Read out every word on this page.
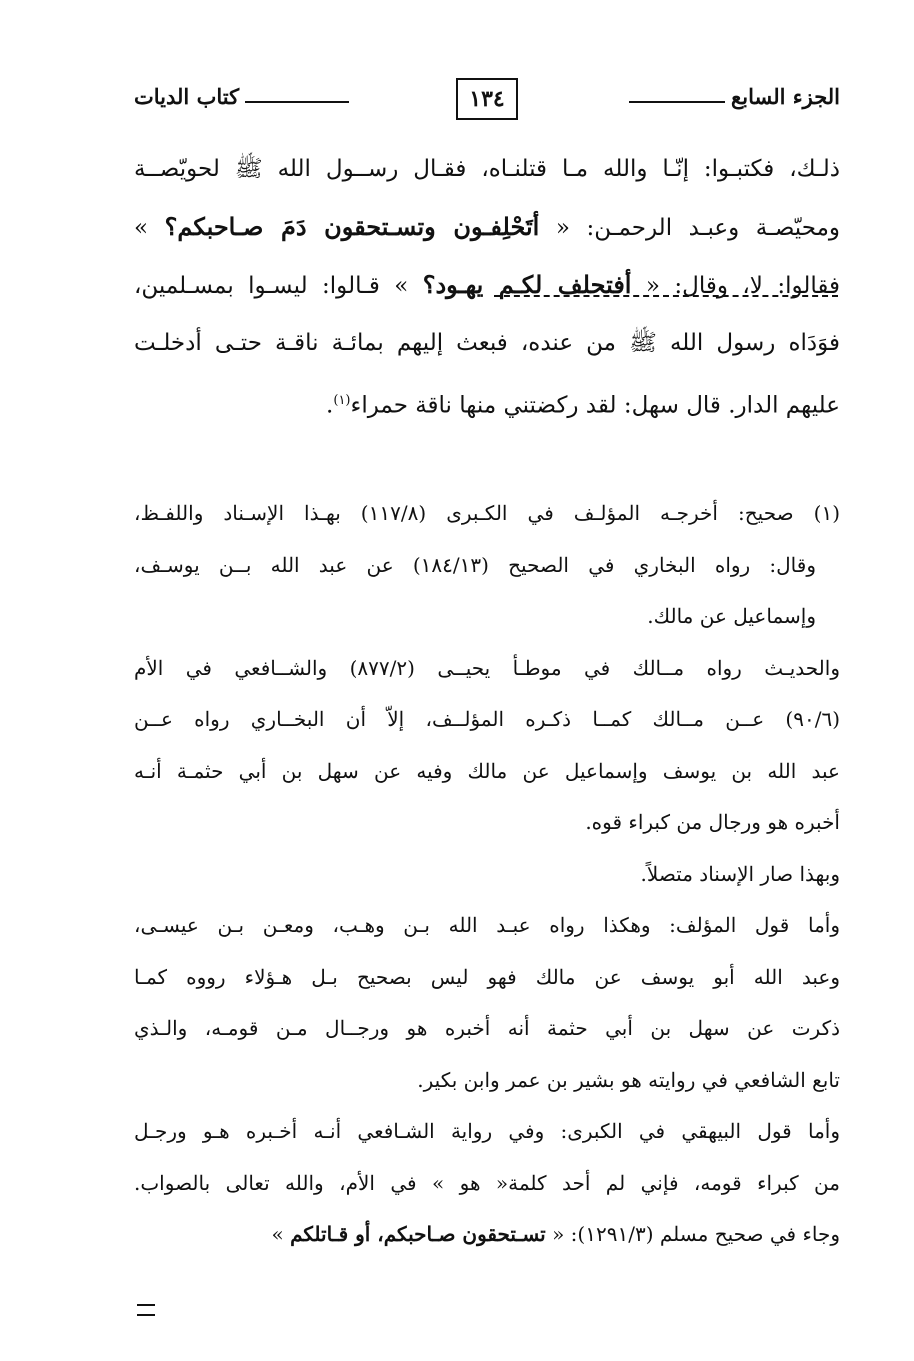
الجزء السابع
١٣٤
كتاب الديات
ذلـك، فكتبـوا: إنّـا والله مـا قتلنـاه، فقـال رســول الله ﷺ لحويّصــة
ومحيّصـة وعبـد الرحمـن: « أتَحْلِفـون وتسـتحقون دَمَ صـاحبكم؟ »
فقالوا: لا، وقال: « أفتحلف لكـم يهـود؟ » قـالوا: ليسـوا بمسـلمين،
فوَدَاه رسول الله ﷺ من عنده، فبعث إليهم بمائـة ناقـة حتـى أدخلـت
عليهم الدار. قال سهل: لقد ركضتني منها ناقة حمراء$^{(١)}$.
(١) صحيح: أخرجـه المؤلـف في الكـبرى (١١٧/٨) بهـذا الإسـناد واللفـظ،
وقال: رواه البخاري في الصحيح (١٨٤/١٣) عن عبد الله بــن يوسـف،
وإسماعيل عن مالك.
والحديـث رواه مــالك في موطـأ يحيــى (٨٧٧/٢) والشــافعي في الأم
(٩٠/٦) عــن مــالك كمــا ذكـره المؤلــف، إلاّ أن البخــاري رواه عــن
عبد الله بن يوسف وإسماعيل عن مالك وفيه عن سهل بن أبي حثمـة أنـه
أخبره هو ورجال من كبراء قوه.
وبهذا صار الإسناد متصلاً.
وأما قول المؤلف: وهكذا رواه عبـد الله بـن وهـب، ومعـن بـن عيسـى،
وعبد الله أبو يوسف عن مالك فهو ليس بصحيح بـل هـؤلاء رووه كمـا
ذكرت عن سهل بن أبي حثمة أنه أخبره هو ورجــال مـن قومـه، والـذي
تابع الشافعي في روايته هو بشير بن عمر وابن بكير.
وأما قول البيهقي في الكبرى: وفي رواية الشـافعي أنـه أخـبره هـو ورجـل
من كبراء قومه، فإني لم أحد كلمة« هو » في الأم، والله تعالى بالصواب.
وجاء في صحيح مسلم (١٢٩١/٣): « تسـتحقون صـاحبكم، أو قـاتلكم »
